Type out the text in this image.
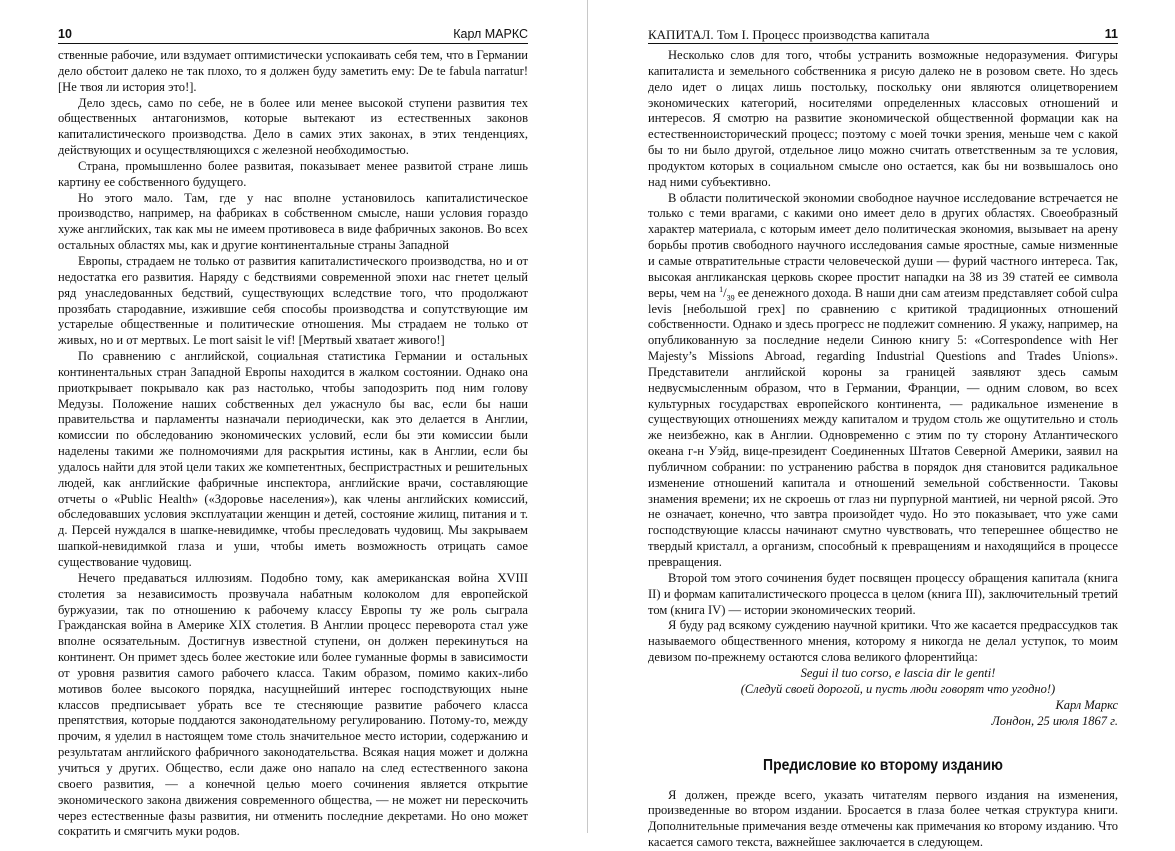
10	Карл МАРКС

ственные рабочие, или вздумает оптимистически успокаивать себя тем, что в Германии дело обстоит далеко не так плохо, то я должен буду заметить ему: De te fabula narratur! [Не твоя ли история это!].

Дело здесь, само по себе, не в более или менее высокой ступени развития тех общественных антагонизмов, которые вытекают из естественных законов капиталистического производства. Дело в самих этих законах, в этих тенденциях, действующих и осуществляющихся с железной необходимостью.

Страна, промышленно более развитая, показывает менее развитой стране лишь картину ее собственного будущего.

Но этого мало. Там, где у нас вполне установилось капиталистическое производство, например, на фабриках в собственном смысле, наши условия гораздо хуже английских, так как мы не имеем противовеса в виде фабричных законов. Во всех остальных областях мы, как и другие континентальные страны Западной

Европы, страдаем не только от развития капиталистического производства, но и от недостатка его развития. Наряду с бедствиями современной эпохи нас гнетет целый ряд унаследованных бедствий, существующих вследствие того, что продолжают прозябать стародавние, изжившие себя способы производства и сопутствующие им устарелые общественные и политические отношения. Мы страдаем не только от живых, но и от мертвых. Le mort saisit le vif! [Мертвый хватает живого!]

По сравнению с английской, социальная статистика Германии и остальных континентальных стран Западной Европы находится в жалком состоянии. Однако она приоткрывает покрывало как раз настолько, чтобы заподозрить под ним голову Медузы. Положение наших собственных дел ужаснуло бы вас, если бы наши правительства и парламенты назначали периодически, как это делается в Англии, комиссии по обследованию экономических условий, если бы эти комиссии были наделены такими же полномочиями для раскрытия истины, как в Англии, если бы удалось найти для этой цели таких же компетентных, беспристрастных и решительных людей, как английские фабричные инспектора, английские врачи, составляющие отчеты о «Public Health» («Здоровье населения»), как члены английских комиссий, обследовавших условия эксплуатации женщин и детей, состояние жилищ, питания и т. д. Персей нуждался в шапке-невидимке, чтобы преследовать чудовищ. Мы закрываем шапкой-невидимкой глаза и уши, чтобы иметь возможность отрицать самое существование чудовищ.

Нечего предаваться иллюзиям. Подобно тому, как американская война XVIII столетия за независимость прозвучала набатным колоколом для европейской буржуазии, так по отношению к рабочему классу Европы ту же роль сыграла Гражданская война в Америке XIX столетия. В Англии процесс переворота стал уже вполне осязательным. Достигнув известной ступени, он должен перекинуться на континент. Он примет здесь более жестокие или более гуманные формы в зависимости от уровня развития самого рабочего класса. Таким образом, помимо каких-либо мотивов более высокого порядка, насущнейший интерес господствующих ныне классов предписывает убрать все те стесняющие развитие рабочего класса препятствия, которые поддаются законодательному регулированию. Потому-то, между прочим, я уделил в настоящем томе столь значительное место истории, содержанию и результатам английского фабричного законодательства. Всякая нация может и должна учиться у других. Общество, если даже оно напало на след естественного закона своего развития, — а конечной целью моего сочинения является открытие экономического закона движения современного общества, — не может ни перескочить через естественные фазы развития, ни отменить последние декретами. Но оно может сократить и смягчить муки родов.

КАПИТАЛ. Том I. Процесс производства капитала	11

Несколько слов для того, чтобы устранить возможные недоразумения. Фигуры капиталиста и земельного собственника я рисую далеко не в розовом свете. Но здесь дело идет о лицах лишь постольку, поскольку они являются олицетворением экономических категорий, носителями определенных классовых отношений и интересов. Я смотрю на развитие экономической общественной формации как на естественноисторический процесс; поэтому с моей точки зрения, меньше чем с какой бы то ни было другой, отдельное лицо можно считать ответственным за те условия, продуктом которых в социальном смысле оно остается, как бы ни возвышалось оно над ними субъективно.

В области политической экономии свободное научное исследование встречается не только с теми врагами, с какими оно имеет дело в других областях. Своеобразный характер материала, с которым имеет дело политическая экономия, вызывает на арену борьбы против свободного научного исследования самые яростные, самые низменные и самые отвратительные страсти человеческой души — фурий частного интереса. Так, высокая англиканская церковь скорее простит нападки на 38 из 39 статей ее символа веры, чем на $^1/_{39}$ ее денежного дохода. В наши дни сам атеизм представляет собой culpa levis [небольшой грех] по сравнению с критикой традиционных отношений собственности. Однако и здесь прогресс не подлежит сомнению. Я укажу, например, на опубликованную за последние недели Синюю книгу 5: «Correspondence with Her Majesty’s Missions Abroad, regarding Industrial Questions and Trades Unions». Представители английской короны за границей заявляют здесь самым недвусмысленным образом, что в Германии, Франции, — одним словом, во всех культурных государствах европейского континента, — радикальное изменение в существующих отношениях между капиталом и трудом столь же ощутительно и столь же неизбежно, как в Англии. Одновременно с этим по ту сторону Атлантического океана г-н Уэйд, вице-президент Соединенных Штатов Северной Америки, заявил на публичном собрании: по устранению рабства в порядок дня становится радикальное изменение отношений капитала и отношений земельной собственности. Таковы знамения времени; их не скроешь от глаз ни пурпурной мантией, ни черной рясой. Это не означает, конечно, что завтра произойдет чудо. Но это показывает, что уже сами господствующие классы начинают смутно чувствовать, что теперешнее общество не твердый кристалл, а организм, способный к превращениям и находящийся в процессе превращения.

Второй том этого сочинения будет посвящен процессу обращения капитала (книга II) и формам капиталистического процесса в целом (книга III), заключительный третий том (книга IV) — истории экономических теорий.

Я буду рад всякому суждению научной критики. Что же касается предрассудков так называемого общественного мнения, которому я никогда не делал уступок, то моим девизом по-прежнему остаются слова великого флорентийца:

Segui il tuo corso, e lascia dir le genti!
(Следуй своей дорогой, и пусть люди говорят что угодно!)
Карл Маркс
Лондон, 25 июля 1867 г.
Предисловие ко второму изданию

Я должен, прежде всего, указать читателям первого издания на изменения, произведенные во втором издании. Бросается в глаза более четкая структура книги. Дополнительные примечания везде отмечены как примечания ко второму изданию. Что касается самого текста, важнейшее заключается в следующем.
